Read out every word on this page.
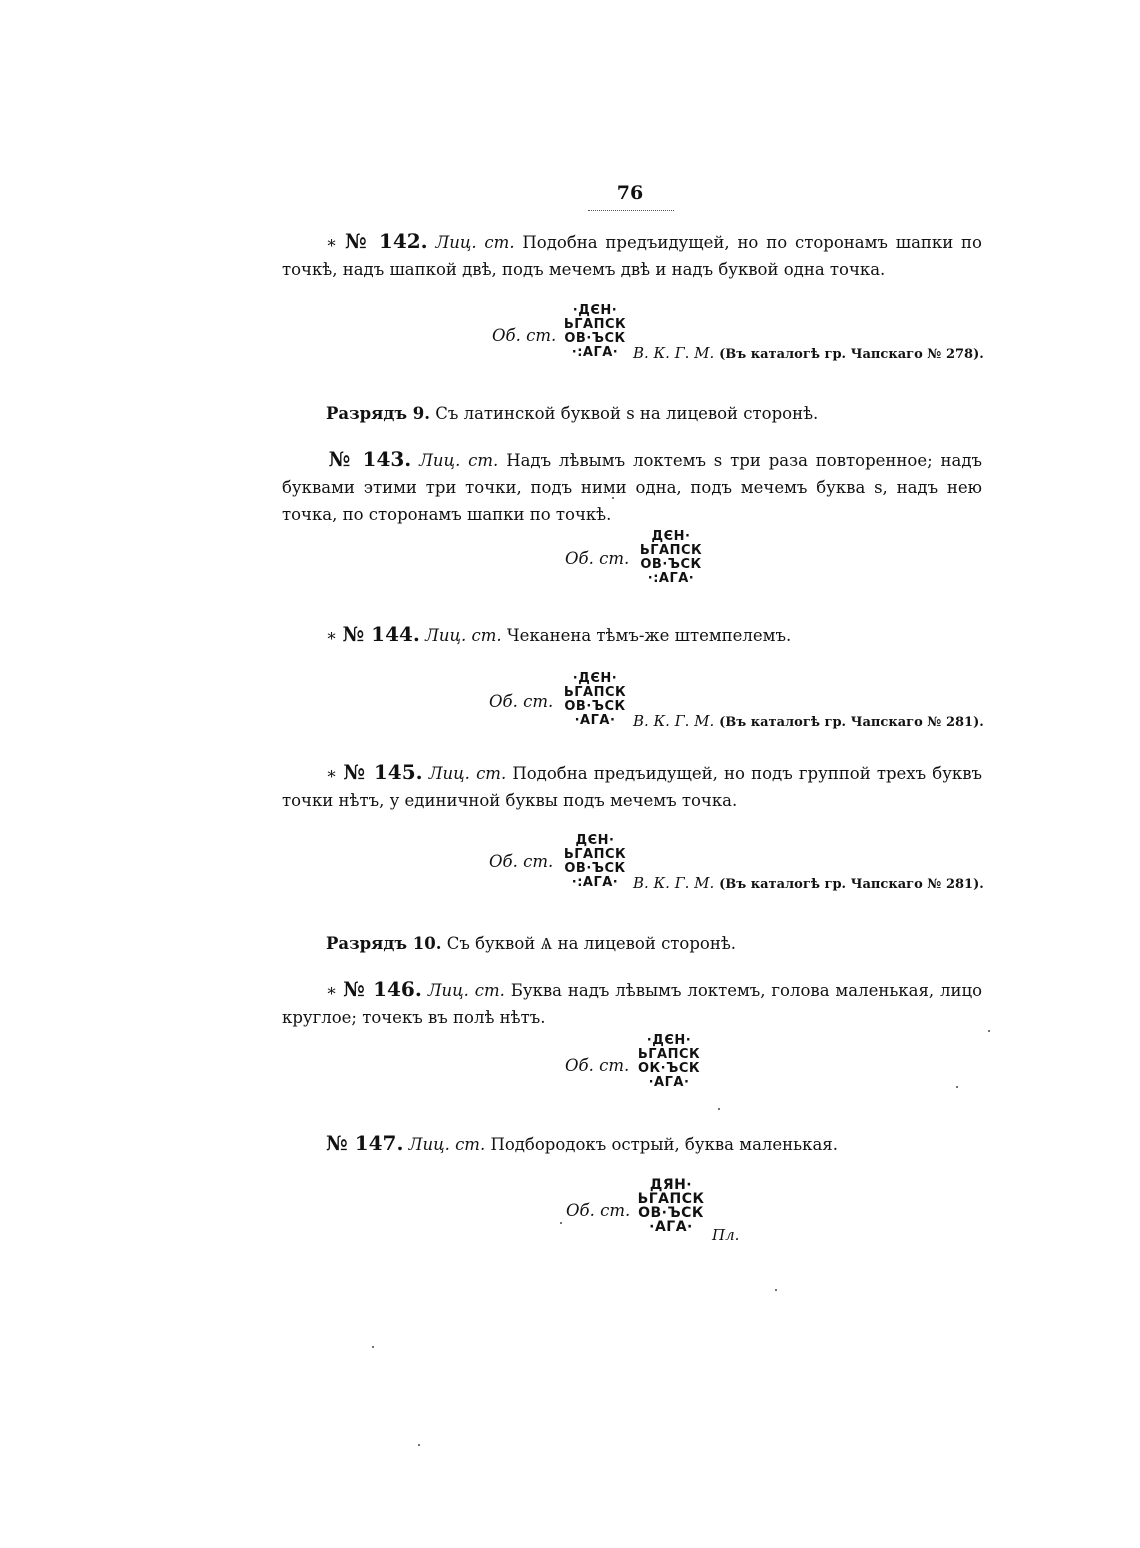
76
∗ № 142. Лиц. ст. Подобна предъидущей, но по сторонамъ шапки по точкѣ, надъ шапкой двѣ, подъ мечемъ двѣ и надъ буквой одна точка.
Об. ст.
·ДЄН·
ЬГАПСК
ОВ·ЪСК
·:АГА· В. К. Г. М. (Въ каталогѣ гр. Чапскаго № 278).
Разрядъ 9. Съ латинской буквой s на лицевой сторонѣ.
№ 143. Лиц. ст. Надъ лѣвымъ локтемъ s три раза повторенное; надъ буквами этими три точки, подъ ними одна, подъ мечемъ буква s, надъ нею точка, по сторонамъ шапки по точкѣ.
Об. ст.
ДЄН·
ЬГАПСК
ОВ·ЪСК
·:АГА·
∗ № 144. Лиц. ст. Чеканена тѣмъ-же штемпелемъ.
Об. ст.
·ДЄН·
ЬГАПСК
ОВ·ЪСК
·АГА·	В. К. Г. М. (Въ каталогѣ гр. Чапскаго № 281).
∗ № 145. Лиц. ст. Подобна предъидущей, но подъ группой трехъ буквъ точки нѣтъ, у единичной буквы подъ мечемъ точка.
Об. ст.
ДЄН·
ЬГАПСК
ОВ·ЪСК
·:АГА· В. К. Г. М. (Въ каталогѣ гр. Чапскаго № 281).
Разрядъ 10. Съ буквой Ѧ на лицевой сторонѣ.
∗ № 146. Лиц. ст. Буква надъ лѣвымъ локтемъ, голова маленькая, лицо круглое; точекъ въ полѣ нѣтъ.
Об. ст.
·ДЄН·
ЬГАПСК
ОК·ЪСК
·АГА·
№ 147. Лиц. ст. Подбородокъ острый, буква маленькая.
Об. ст.
ДЯН·
ЬГАПСК
ОВ·ЪСК
·АГА·	Пл.
